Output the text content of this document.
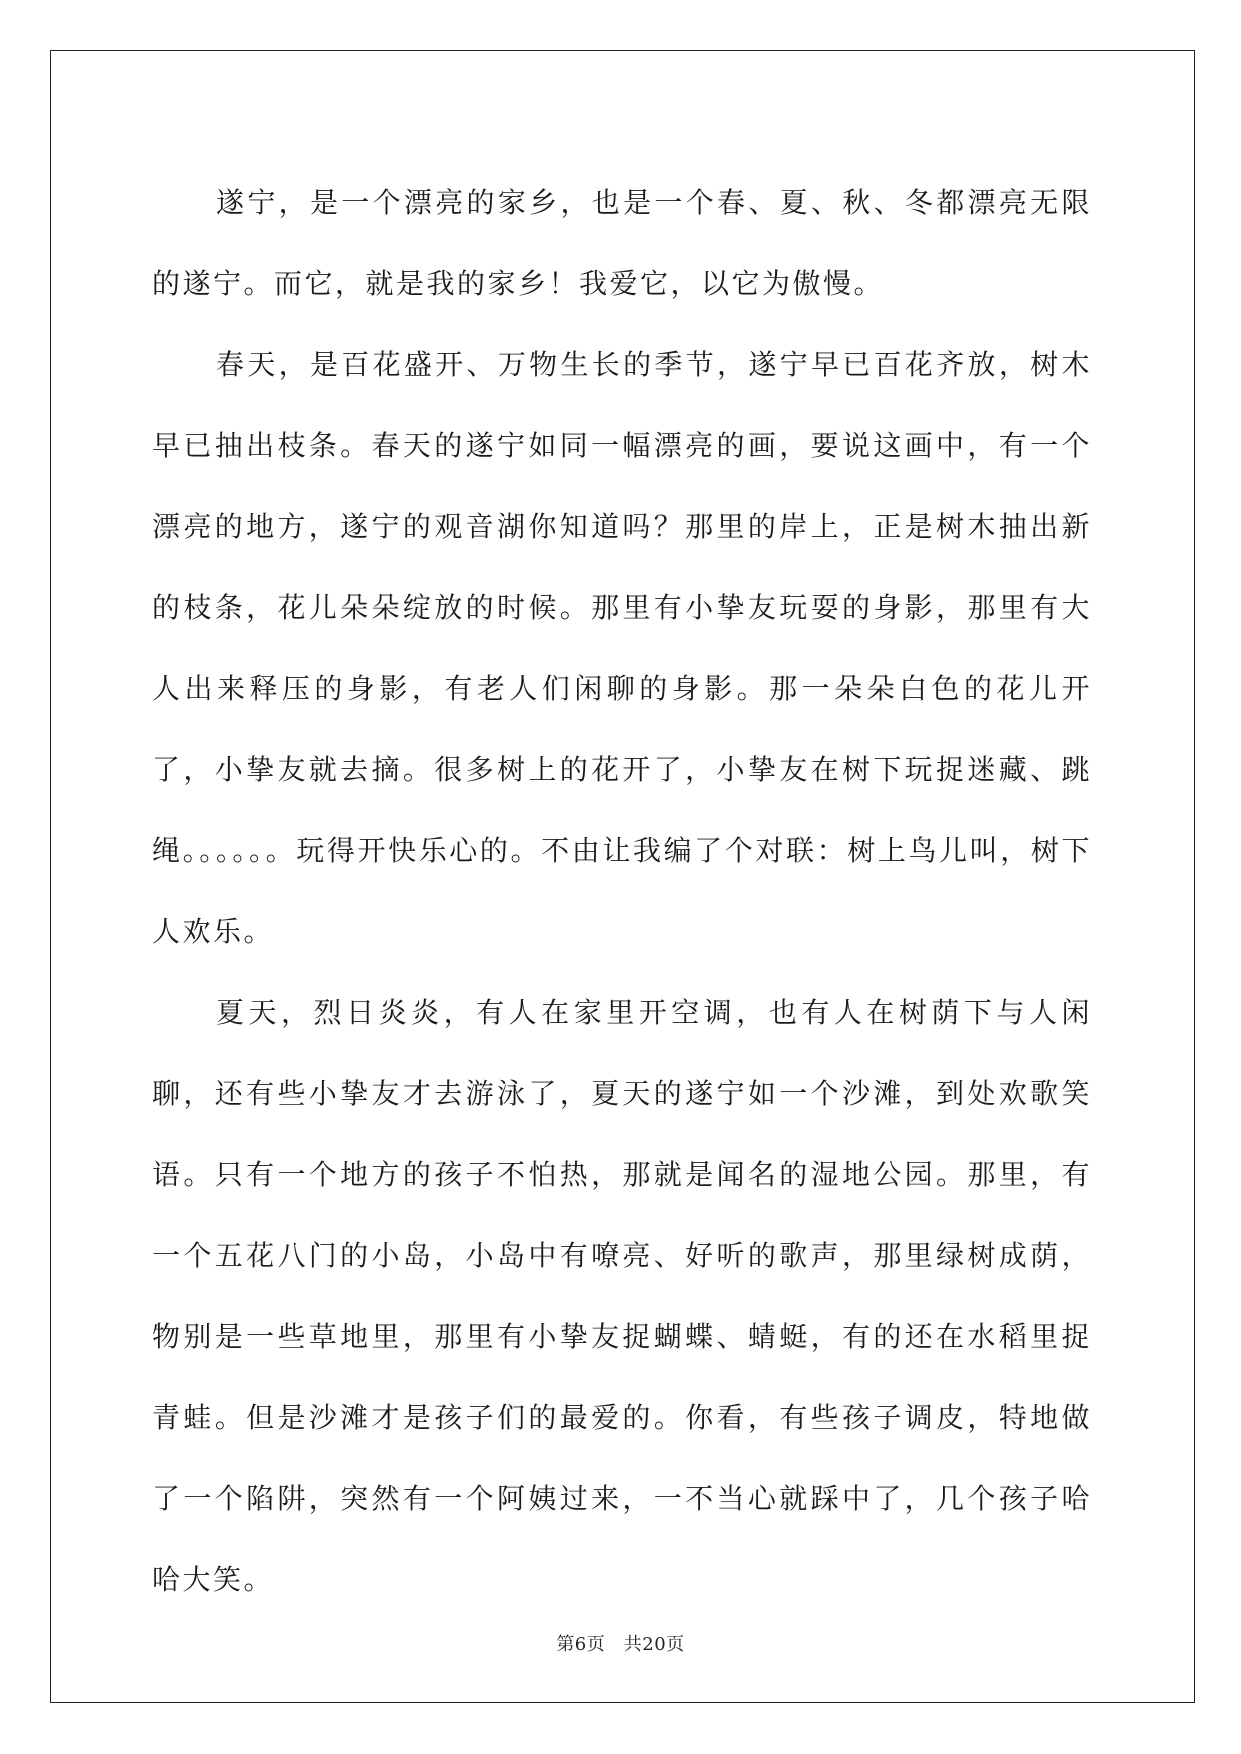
遂宁，是一个漂亮的家乡，也是一个春、夏、秋、冬都漂亮无限的遂宁。而它，就是我的家乡！我爱它，以它为傲慢。

春天，是百花盛开、万物生长的季节，遂宁早已百花齐放，树木早已抽出枝条。春天的遂宁如同一幅漂亮的画，要说这画中，有一个漂亮的地方，遂宁的观音湖你知道吗？那里的岸上，正是树木抽出新的枝条，花儿朵朵绽放的时候。那里有小挚友玩耍的身影，那里有大人出来释压的身影，有老人们闲聊的身影。那一朵朵白色的花儿开了，小挚友就去摘。很多树上的花开了，小挚友在树下玩捉迷藏、跳绳。。。。。。玩得开快乐心的。不由让我编了个对联：树上鸟儿叫，树下人欢乐。

夏天，烈日炎炎，有人在家里开空调，也有人在树荫下与人闲聊，还有些小挚友才去游泳了，夏天的遂宁如一个沙滩，到处欢歌笑语。只有一个地方的孩子不怕热，那就是闻名的湿地公园。那里，有一个五花八门的小岛，小岛中有嘹亮、好听的歌声，那里绿树成荫，物别是一些草地里，那里有小挚友捉蝴蝶、蜻蜓，有的还在水稻里捉青蛙。但是沙滩才是孩子们的最爱的。你看，有些孩子调皮，特地做了一个陷阱，突然有一个阿姨过来，一不当心就踩中了，几个孩子哈哈大笑。

第6页　共20页
